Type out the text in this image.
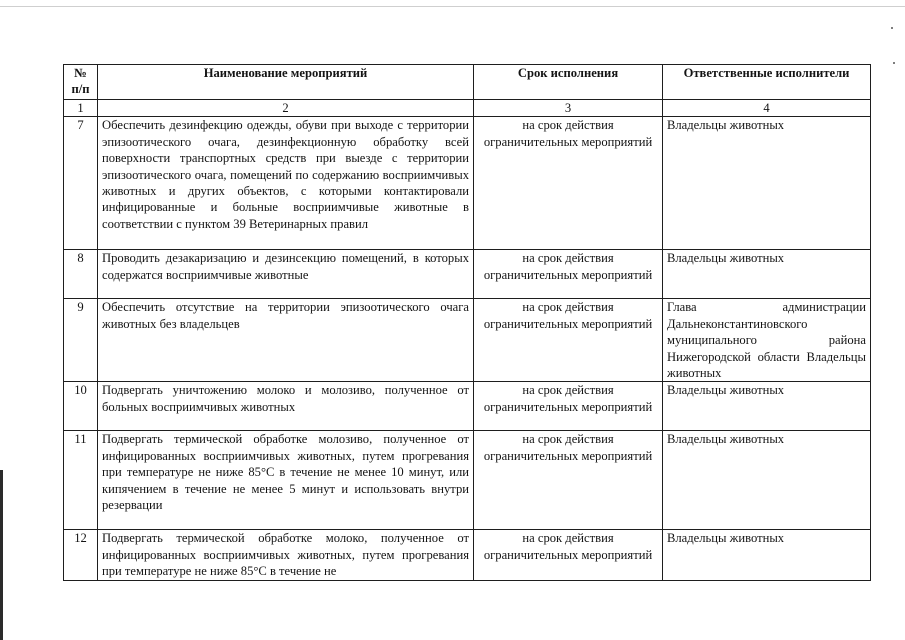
№ п/п	Наименование мероприятий	Срок исполнения	Ответственные исполнители
1	2	3	4
7	Обеспечить дезинфекцию одежды, обуви при выходе с территории эпизоотического очага, дезинфекционную обработку всей поверхности транспортных средств при выезде с территории эпизоотического очага, помещений по содержанию восприимчивых животных и других объектов, с которыми контактировали инфицированные и больные восприимчивые животные в соответствии с пунктом 39 Ветеринарных правил	на срок действия ограничительных мероприятий	Владельцы животных
8	Проводить дезакаризацию и дезинсекцию помещений, в которых содержатся восприимчивые животные	на срок действия ограничительных мероприятий	Владельцы животных
9	Обеспечить отсутствие на территории эпизоотического очага животных без владельцев	на срок действия ограничительных мероприятий	Глава администрации Дальнеконстантиновского муниципального района Нижегородской области Владельцы животных
10	Подвергать уничтожению молоко и молозиво, полученное от больных восприимчивых животных	на срок действия ограничительных мероприятий	Владельцы животных
11	Подвергать термической обработке молозиво, полученное от инфицированных восприимчивых животных, путем прогревания при температуре не ниже 85°С в течение не менее 10 минут, или кипячением в течение не менее 5 минут и использовать внутри резервации	на срок действия ограничительных мероприятий	Владельцы животных
12	Подвергать термической обработке молоко, полученное от инфицированных восприимчивых животных, путем прогревания при температуре не ниже 85°С в течение не	на срок действия ограничительных мероприятий	Владельцы животных
